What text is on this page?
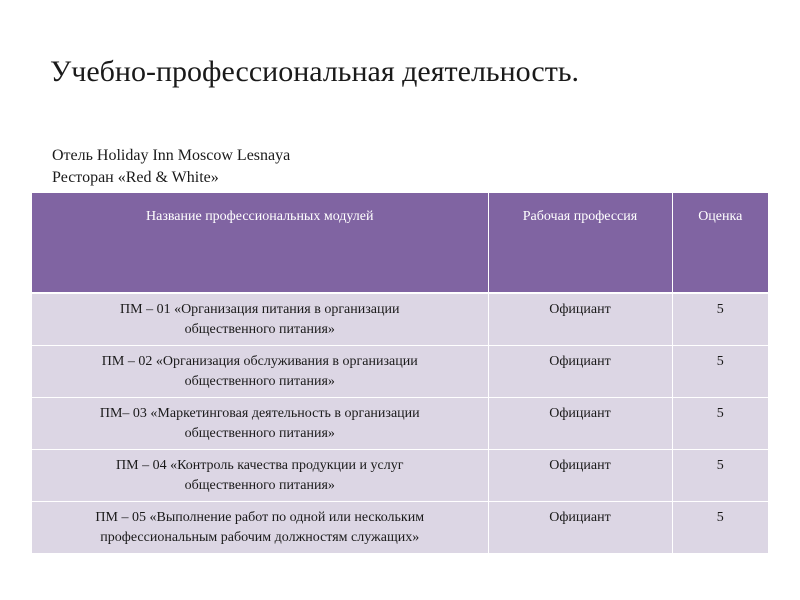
Учебно-профессиональная деятельность.
Отель Holiday Inn Moscow Lesnaya
Ресторан «Red & White»
Название профессиональных модулей	Рабочая профессия	Оценка

ПМ – 01 «Организация питания в организации
общественного питания»	Официант	5

ПМ – 02 «Организация обслуживания в организации
общественного питания»	Официант	5

ПМ– 03 «Маркетинговая деятельность в организации
общественного питания»	Официант	5

ПМ – 04 «Контроль качества продукции и услуг
общественного питания»	Официант	5

ПМ – 05 «Выполнение работ по одной или нескольким
профессиональным рабочим должностям служащих»	Официант	5
